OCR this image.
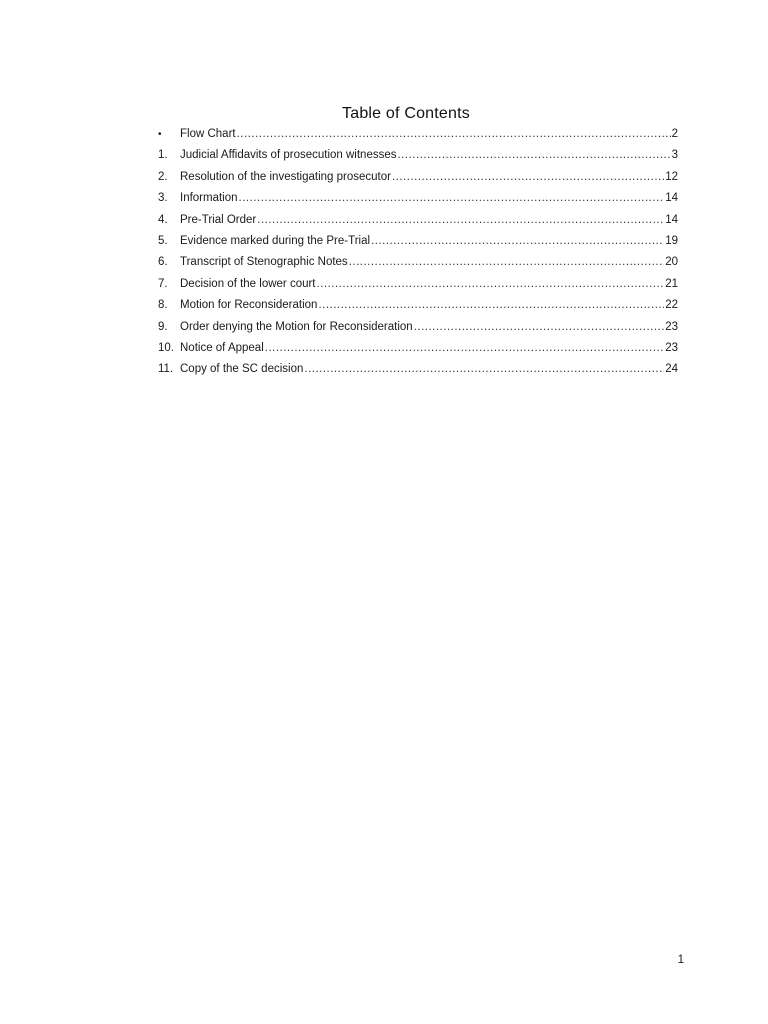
Table of Contents
•	Flow Chart .....	2
1.	Judicial Affidavits of prosecution witnesses .....	3
2.	Resolution of the investigating prosecutor .....	12
3.	Information .....	14
4.	Pre-Trial Order .....	14
5.	Evidence marked during the Pre-Trial .....	19
6.	Transcript of Stenographic Notes .....	20
7.	Decision of the lower court .....	21
8.	Motion for Reconsideration .....	22
9.	Order denying the Motion for Reconsideration .....	23
10. Notice of Appeal .....	23
11. Copy of the SC decision .....	24
1
